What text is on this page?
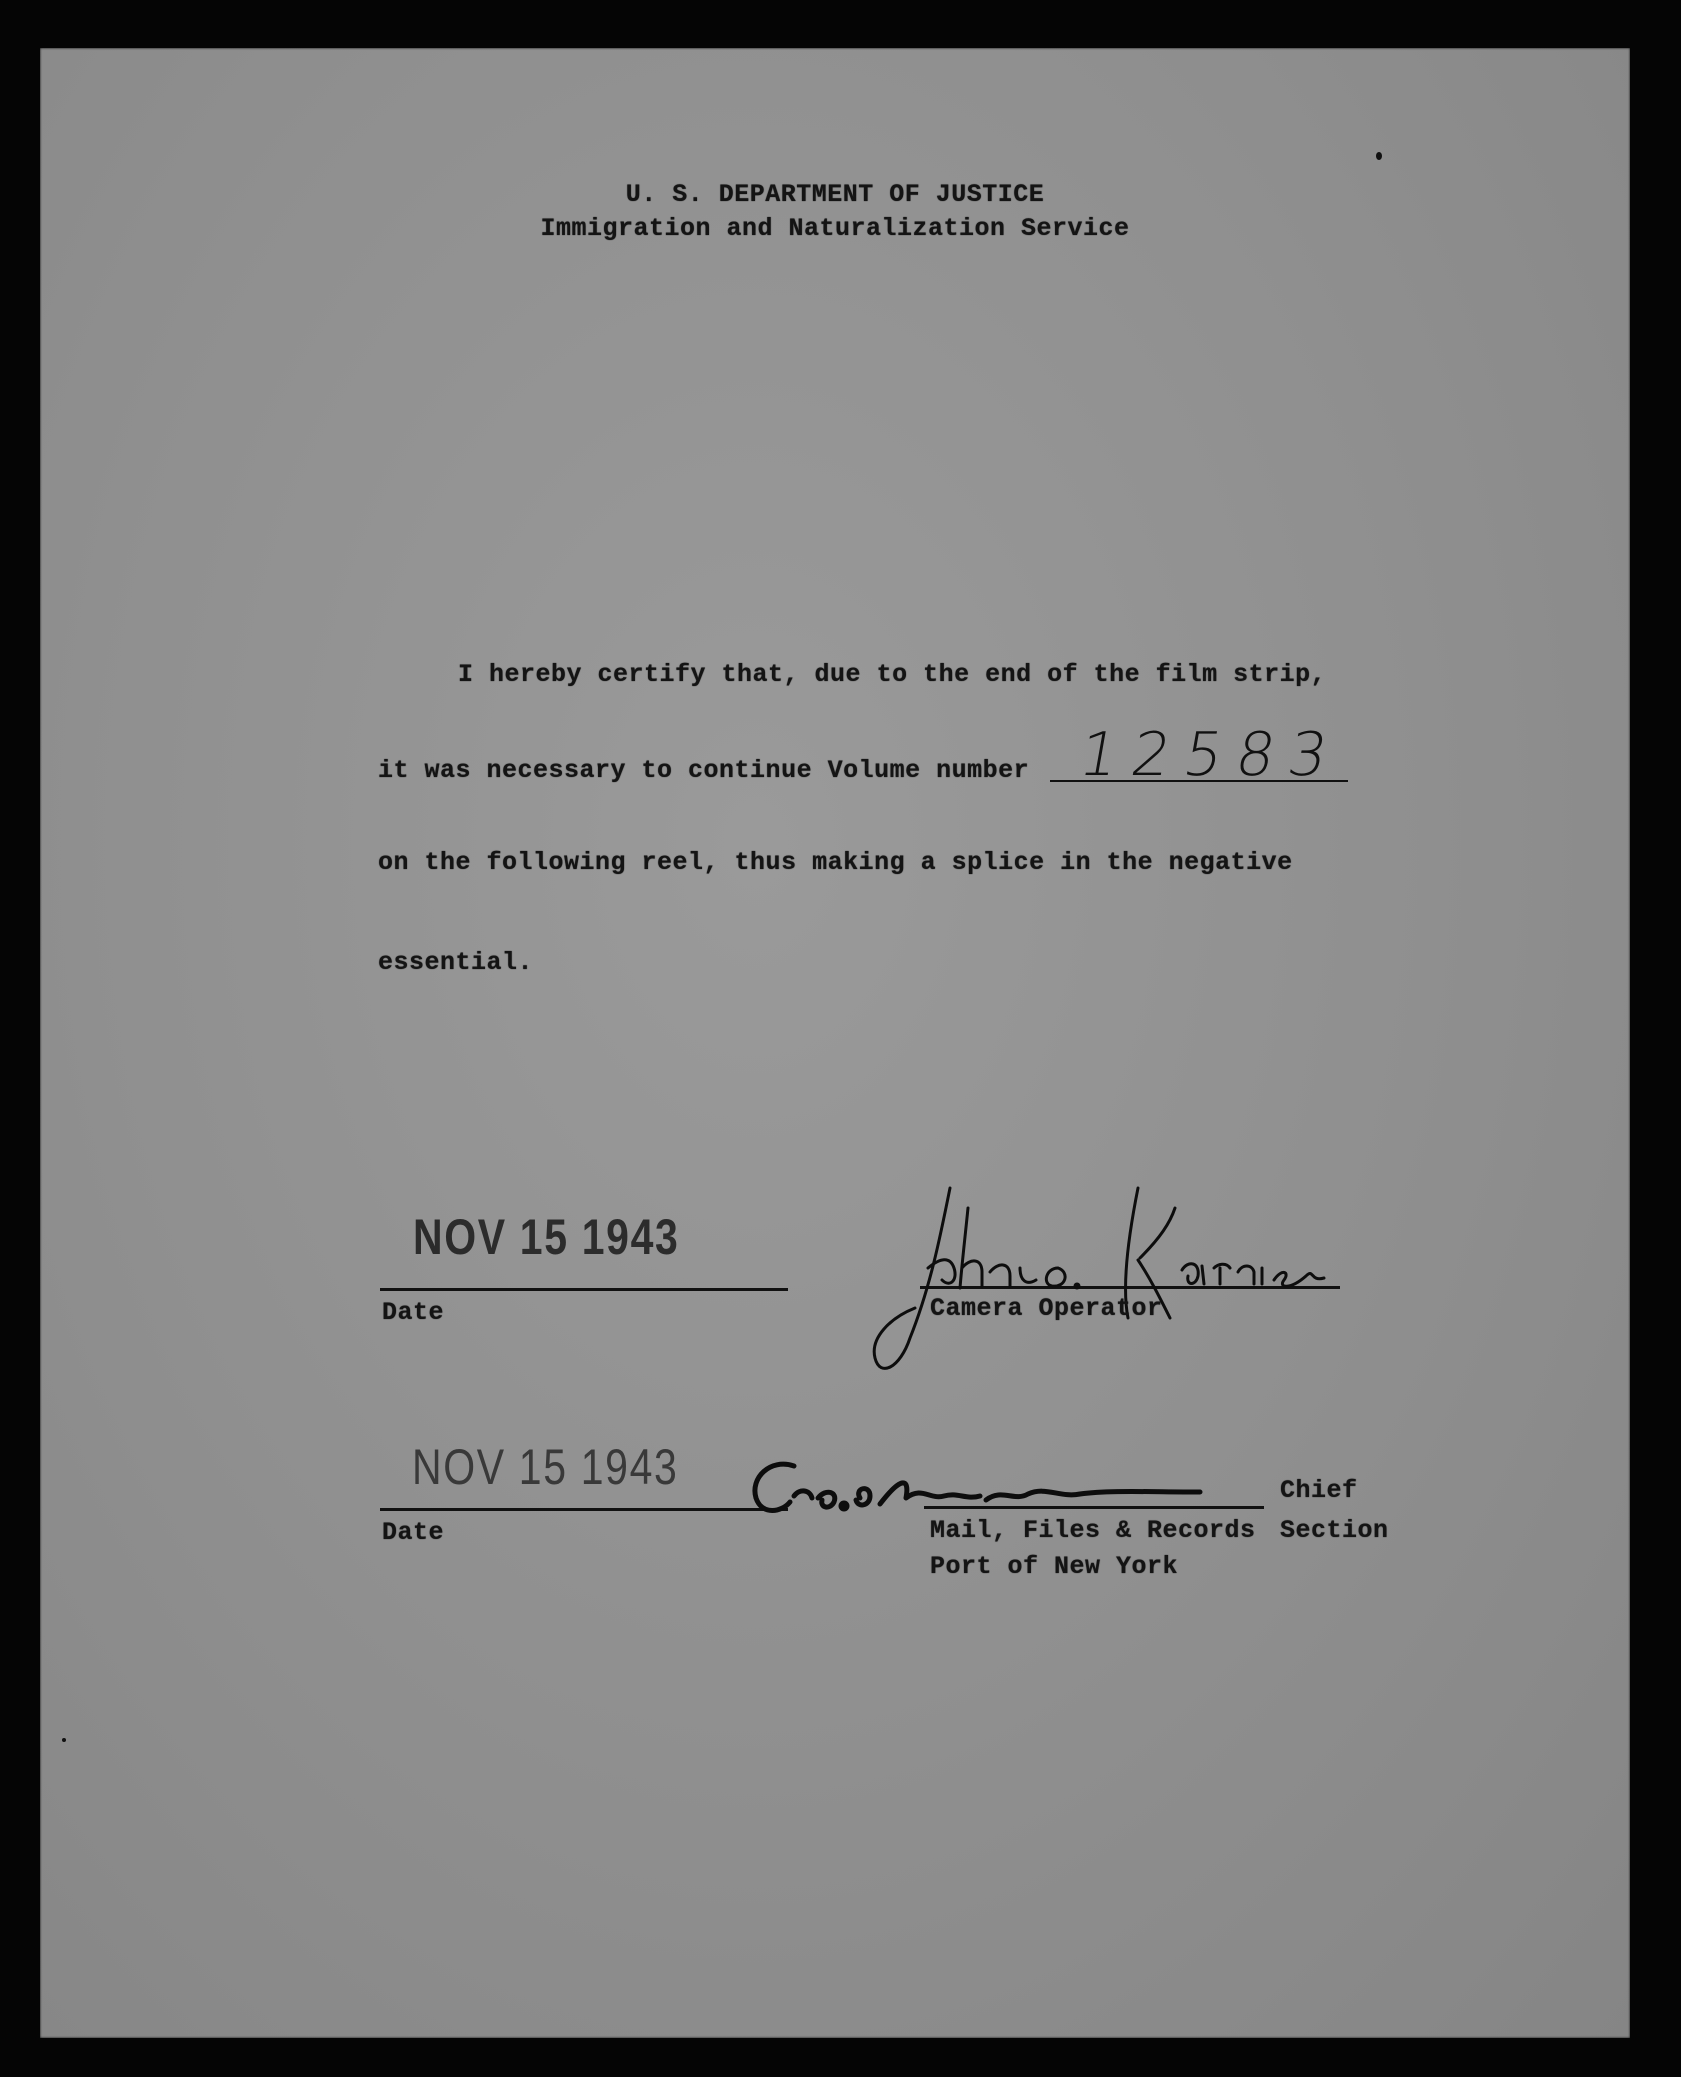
U. S. DEPARTMENT OF JUSTICE
Immigration and Naturalization Service
I hereby certify that, due to the end of the film strip,
it was necessary to continue Volume number 12583
on the following reel, thus making a splice in the negative
essential.
NOV 15 1943
Date	Camera Operator
NOV 15 1943
Date
Chief
Mail, Files & Records Section
Port of New York
